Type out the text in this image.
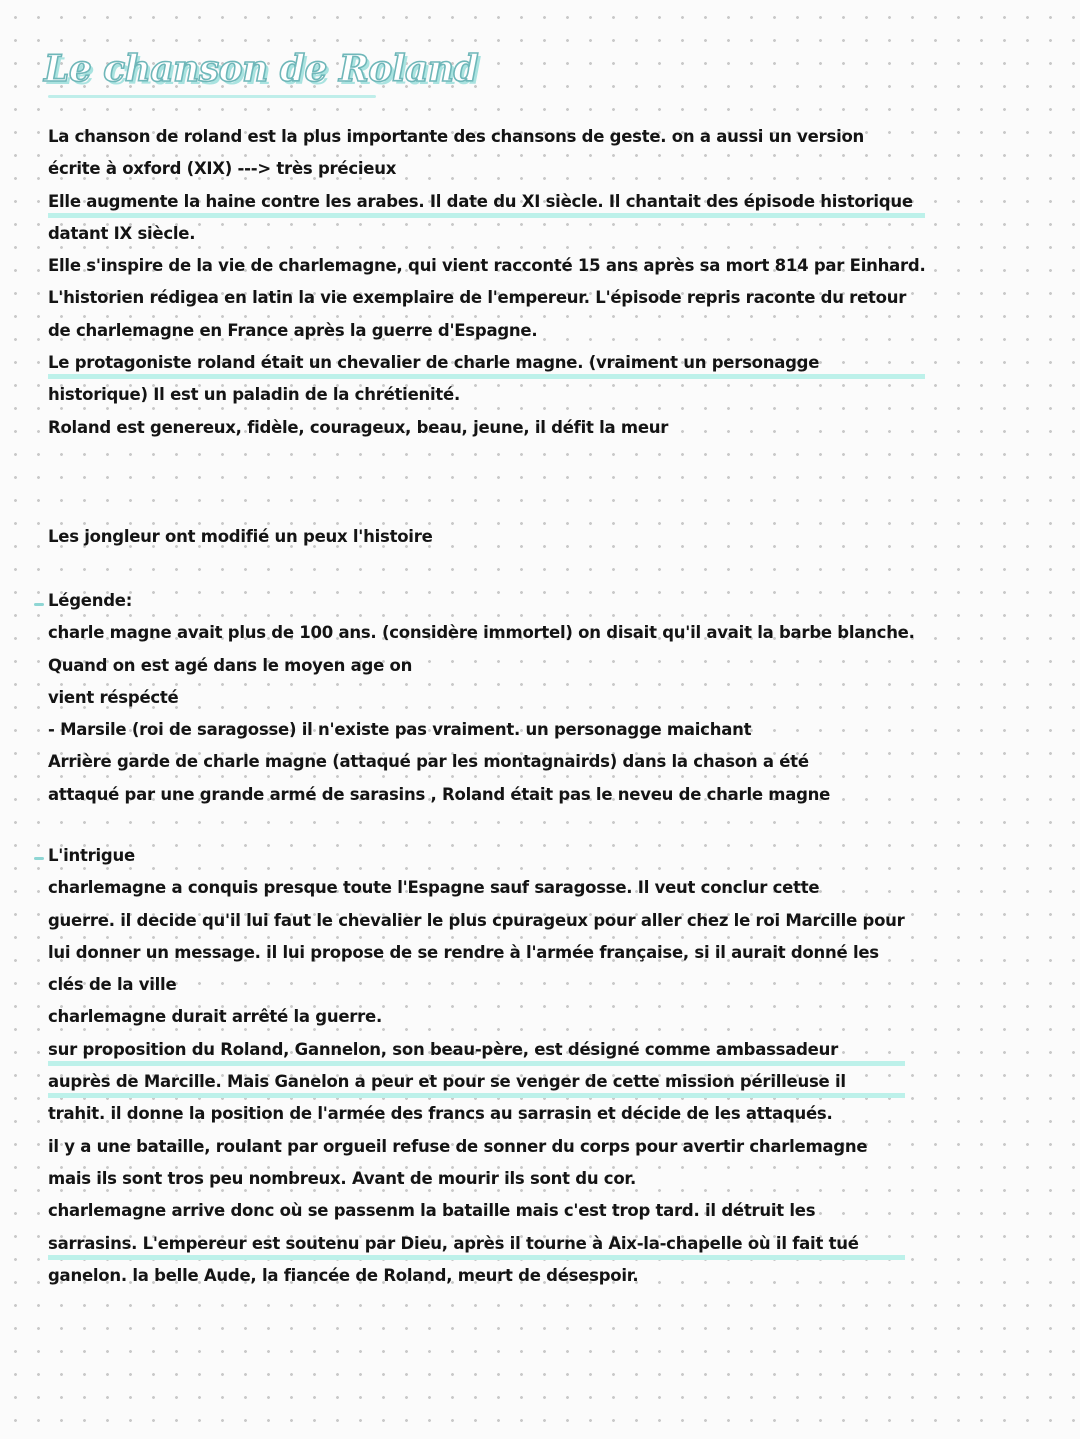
Le chanson de Roland
La chanson de roland est la plus importante des chansons de geste. on a aussi un version
écrite à oxford (XIX) ---> très précieux
Elle augmente la haine contre les arabes. Il date du XI siècle. Il chantait des épisode historique
datant IX siècle.
Elle s'inspire de la vie de charlemagne, qui vient racconté 15 ans après sa mort 814 par Einhard.
L'historien rédigea en latin la vie exemplaire de l'empereur. L'épisode repris raconte du retour
de charlemagne en France après la guerre d'Espagne.
Le protagoniste roland était un chevalier de charle magne. (vraiment un personagge
historique) Il est un paladin de la chrétienité.
Roland est genereux, fidèle, courageux, beau, jeune, il défit la meur
Les jongleur ont modifié un peux l'histoire
Légende:
charle magne avait plus de 100 ans. (considère immortel) on disait qu'il avait la barbe blanche.
Quand on est agé dans le moyen age on
vient réspécté
- Marsile (roi de saragosse) il n'existe pas vraiment. un personagge maichant
Arrière garde de charle magne (attaqué par les montagnairds) dans la chason a été
attaqué par une grande armé de sarasins , Roland était pas le neveu de charle magne
L'intrigue
charlemagne a conquis presque toute l'Espagne sauf saragosse. Il veut conclur cette
guerre. il decide qu'il lui faut le chevalier le plus cpurageux pour aller chez le roi Marcille pour
lui donner un message. il lui propose de se rendre à l'armée française, si il aurait donné les
clés de la ville
charlemagne durait arrêté la guerre.
sur proposition du Roland, Gannelon, son beau-père, est désigné comme ambassadeur
auprès de Marcille. Mais Ganelon a peur et pour se venger de cette mission périlleuse il
trahit. il donne la position de l'armée des francs au sarrasin et décide de les attaqués.
il y a une bataille, roulant par orgueil refuse de sonner du corps pour avertir charlemagne
mais ils sont tros peu nombreux. Avant de mourir ils sont du cor.
charlemagne arrive donc où se passenm la bataille mais c'est trop tard. il détruit les
sarrasins. L'empereur est soutenu par Dieu, après il tourne à Aix-la-chapelle où il fait tué
ganelon. la belle Aude, la fiancée de Roland, meurt de désespoir.
